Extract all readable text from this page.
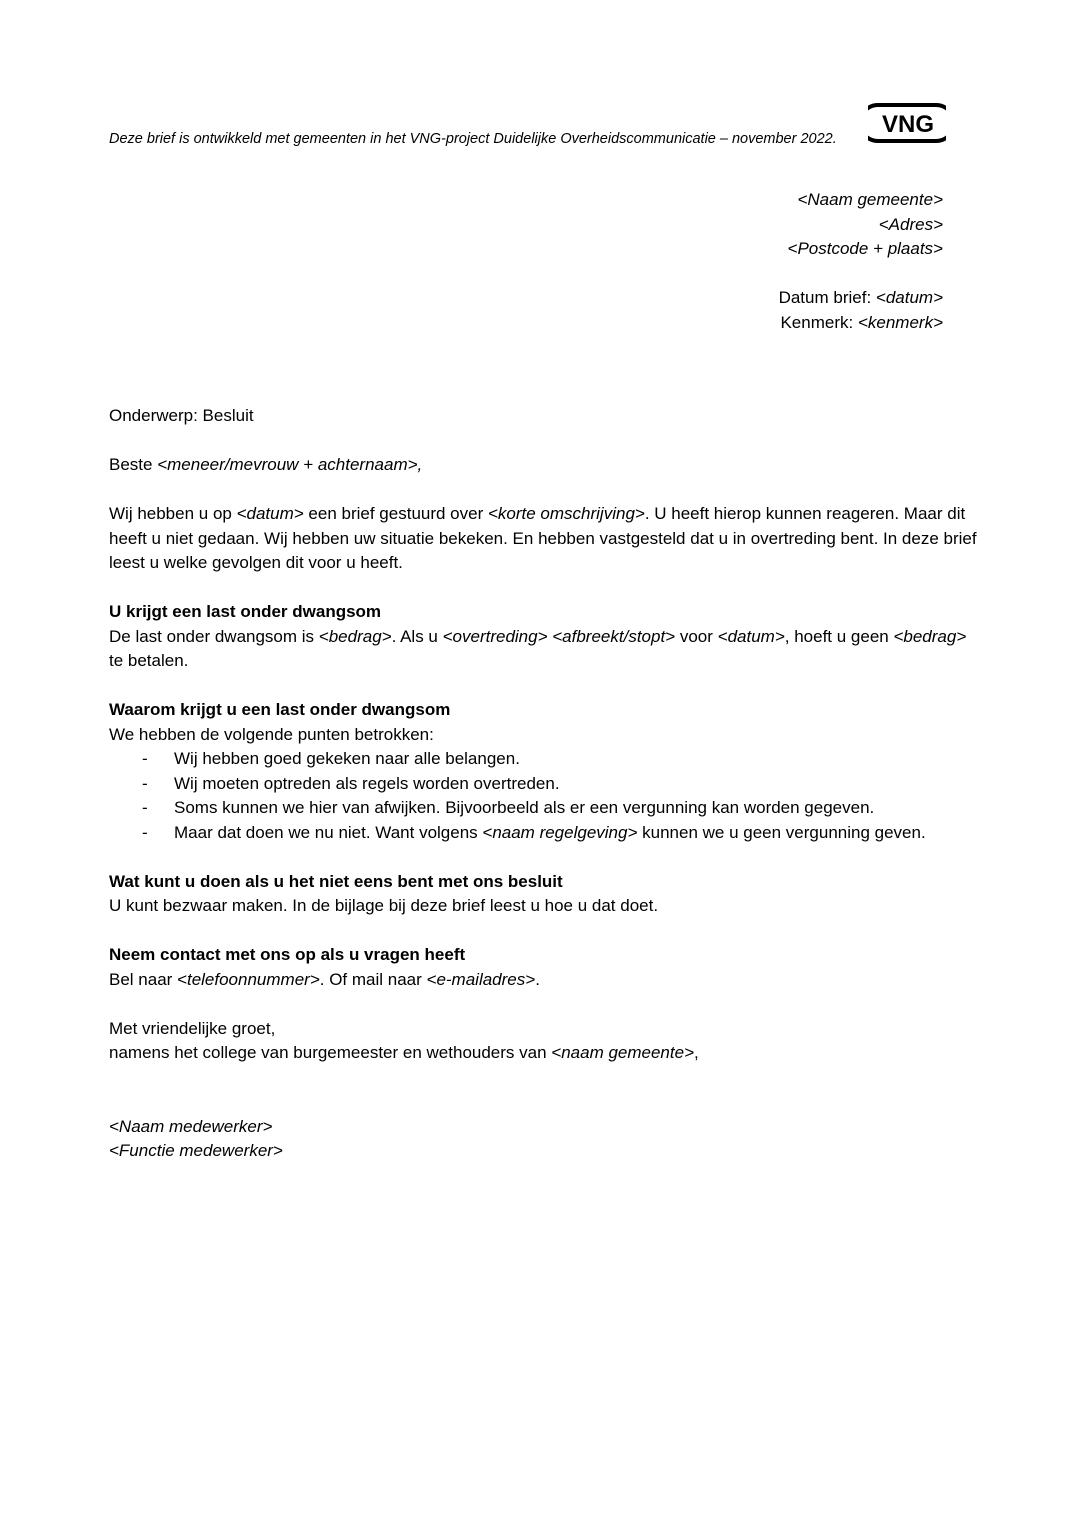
Deze brief is ontwikkeld met gemeenten in het VNG-project Duidelijke Overheidscommunicatie – november 2022.
VNG
<Naam gemeente>
<Adres>
<Postcode + plaats>
Datum brief: <datum>
Kenmerk: <kenmerk>

Onderwerp: Besluit

Beste <meneer/mevrouw + achternaam>,

Wij hebben u op <datum> een brief gestuurd over <korte omschrijving>. U heeft hierop kunnen reageren. Maar dit heeft u niet gedaan. Wij hebben uw situatie bekeken. En hebben vastgesteld dat u in overtreding bent. In deze brief leest u welke gevolgen dit voor u heeft.

U krijgt een last onder dwangsom

De last onder dwangsom is <bedrag>. Als u <overtreding> <afbreekt/stopt> voor <datum>, hoeft u geen <bedrag> te betalen.

Waarom krijgt u een last onder dwangsom
We hebben de volgende punten betrokken:
- Wij hebben goed gekeken naar alle belangen.
- Wij moeten optreden als regels worden overtreden.
- Soms kunnen we hier van afwijken. Bijvoorbeeld als er een vergunning kan worden gegeven.
- Maar dat doen we nu niet. Want volgens <naam regelgeving> kunnen we u geen vergunning geven.
Wat kunt u doen als u het niet eens bent met ons besluit

U kunt bezwaar maken. In de bijlage bij deze brief leest u hoe u dat doet.

Neem contact met ons op als u vragen heeft

Bel naar <telefoonnummer>. Of mail naar <e-mailadres>.

Met vriendelijke groet,
namens het college van burgemeester en wethouders van <naam gemeente>,
<Naam medewerker>
<Functie medewerker>
